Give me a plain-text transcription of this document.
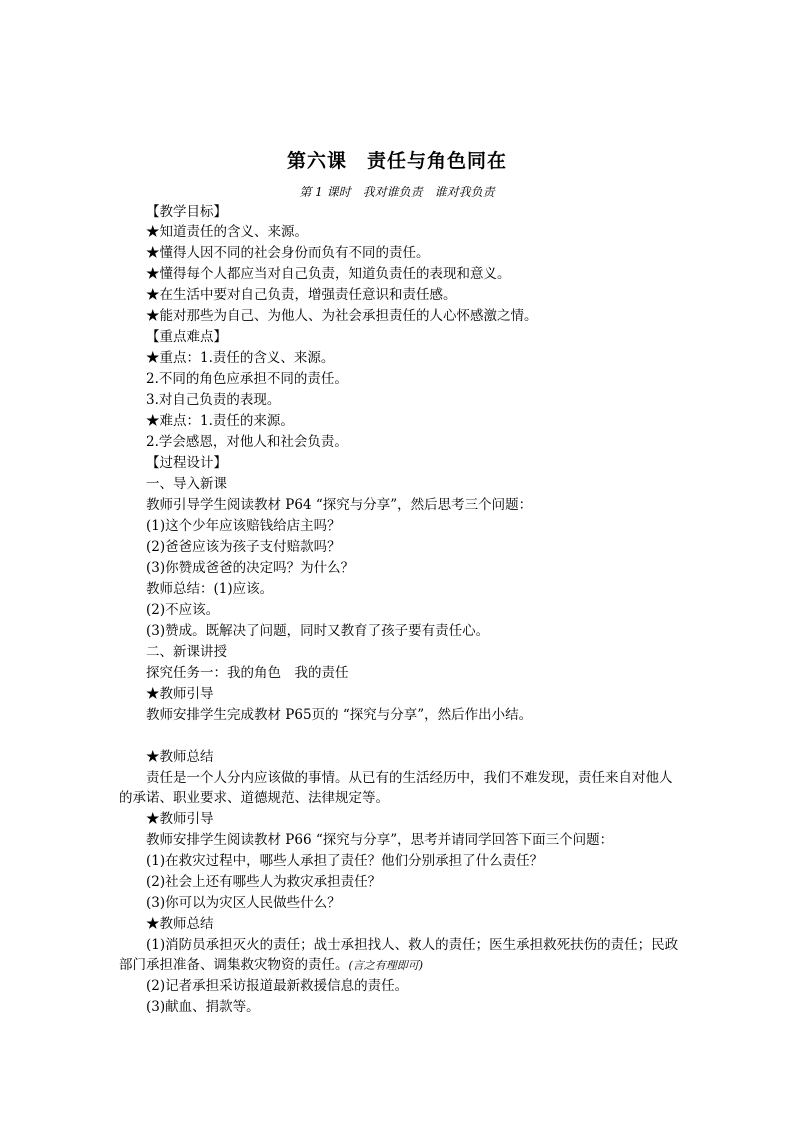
第六课　责任与角色同在
第 1 课时　我对谁负责　谁对我负责
【教学目标】
★知道责任的含义、来源。
★懂得人因不同的社会身份而负有不同的责任。
★懂得每个人都应当对自己负责，知道负责任的表现和意义。
★在生活中要对自己负责，增强责任意识和责任感。
★能对那些为自己、为他人、为社会承担责任的人心怀感激之情。
【重点难点】
★重点：1.责任的含义、来源。
2.不同的角色应承担不同的责任。
3.对自己负责的表现。
★难点：1.责任的来源。
2.学会感恩，对他人和社会负责。
【过程设计】
一、导入新课
教师引导学生阅读教材 P64 “探究与分享”，然后思考三个问题：
(1)这个少年应该赔钱给店主吗？
(2)爸爸应该为孩子支付赔款吗？
(3)你赞成爸爸的决定吗？为什么？
教师总结：(1)应该。
(2)不应该。
(3)赞成。既解决了问题，同时又教育了孩子要有责任心。
二、新课讲授
探究任务一：我的角色　我的责任
★教师引导
教师安排学生完成教材 P65页的 “探究与分享”，然后作出小结。
★教师总结
责任是一个人分内应该做的事情。从已有的生活经历中，我们不难发现，责任来自对他人的承诺、职业要求、道德规范、法律规定等。
★教师引导
教师安排学生阅读教材 P66 “探究与分享”，思考并请同学回答下面三个问题：
(1)在救灾过程中，哪些人承担了责任？他们分别承担了什么责任？
(2)社会上还有哪些人为救灾承担责任？
(3)你可以为灾区人民做些什么？
★教师总结
(1)消防员承担灭火的责任；战士承担找人、救人的责任；医生承担救死扶伤的责任；民政部门承担准备、调集救灾物资的责任。(言之有理即可)
(2)记者承担采访报道最新救援信息的责任。
(3)献血、捐款等。
